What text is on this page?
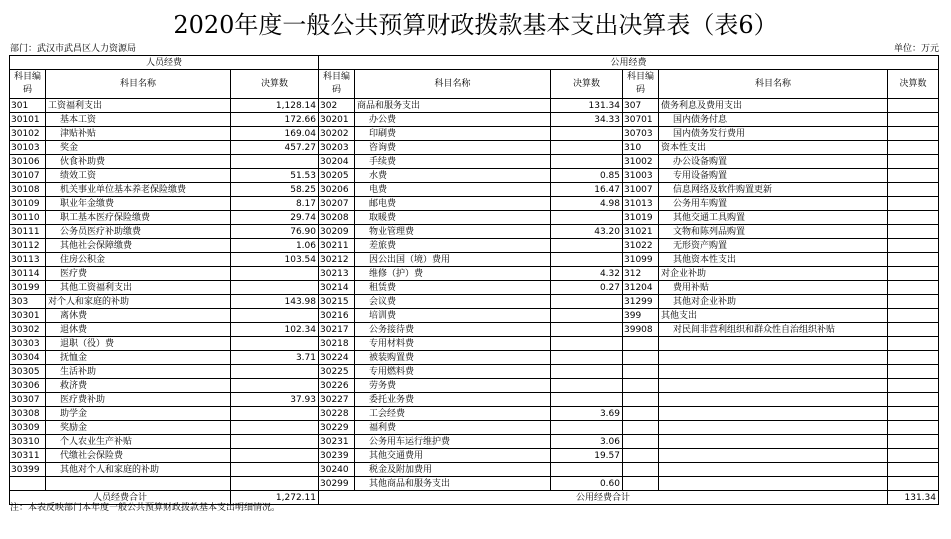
2020年度一般公共预算财政拨款基本支出决算表（表6）
部门：武汉市武昌区人力资源局	单位：万元
人员经费			公用经费					
科目编码	科目名称	决算数	科目编码	科目名称	决算数	科目编码	科目名称	决算数
301	工资福利支出	1,128.14	302	商品和服务支出	131.34	307	债务利息及费用支出	
30101	基本工资	172.66	30201	办公费	34.33	30701	国内债务付息	
30102	津贴补贴	169.04	30202	印刷费		30703	国内债务发行费用	
30103	奖金	457.27	30203	咨询费		310	资本性支出	
30106	伙食补助费		30204	手续费		31002	办公设备购置	
30107	绩效工资	51.53	30205	水费	0.85	31003	专用设备购置	
30108	机关事业单位基本养老保险缴费	58.25	30206	电费	16.47	31007	信息网络及软件购置更新	
30109	职业年金缴费	8.17	30207	邮电费	4.98	31013	公务用车购置	
30110	职工基本医疗保险缴费	29.74	30208	取暖费		31019	其他交通工具购置	
30111	公务员医疗补助缴费	76.90	30209	物业管理费	43.20	31021	文物和陈列品购置	
30112	其他社会保障缴费	1.06	30211	差旅费		31022	无形资产购置	
30113	住房公积金	103.54	30212	因公出国（境）费用		31099	其他资本性支出	
30114	医疗费		30213	维修（护）费	4.32	312	对企业补助	
30199	其他工资福利支出		30214	租赁费	0.27	31204	费用补贴	
303	对个人和家庭的补助	143.98	30215	会议费		31299	其他对企业补助	
30301	离休费		30216	培训费		399	其他支出	
30302	退休费	102.34	30217	公务接待费		39908	对民间非营利组织和群众性自治组织补贴	
30303	退职（役）费		30218	专用材料费				
30304	抚恤金	3.71	30224	被装购置费				
30305	生活补助		30225	专用燃料费				
30306	救济费		30226	劳务费				
30307	医疗费补助	37.93	30227	委托业务费				
30308	助学金		30228	工会经费	3.69			
30309	奖励金		30229	福利费				
30310	个人农业生产补贴		30231	公务用车运行维护费	3.06			
30311	代缴社会保险费		30239	其他交通费用	19.57			
30399	其他对个人和家庭的补助		30240	税金及附加费用				
			30299	其他商品和服务支出	0.60			
人员经费合计		1,272.11	公用经费合计					131.34
注：本表反映部门本年度一般公共预算财政拨款基本支出明细情况。
